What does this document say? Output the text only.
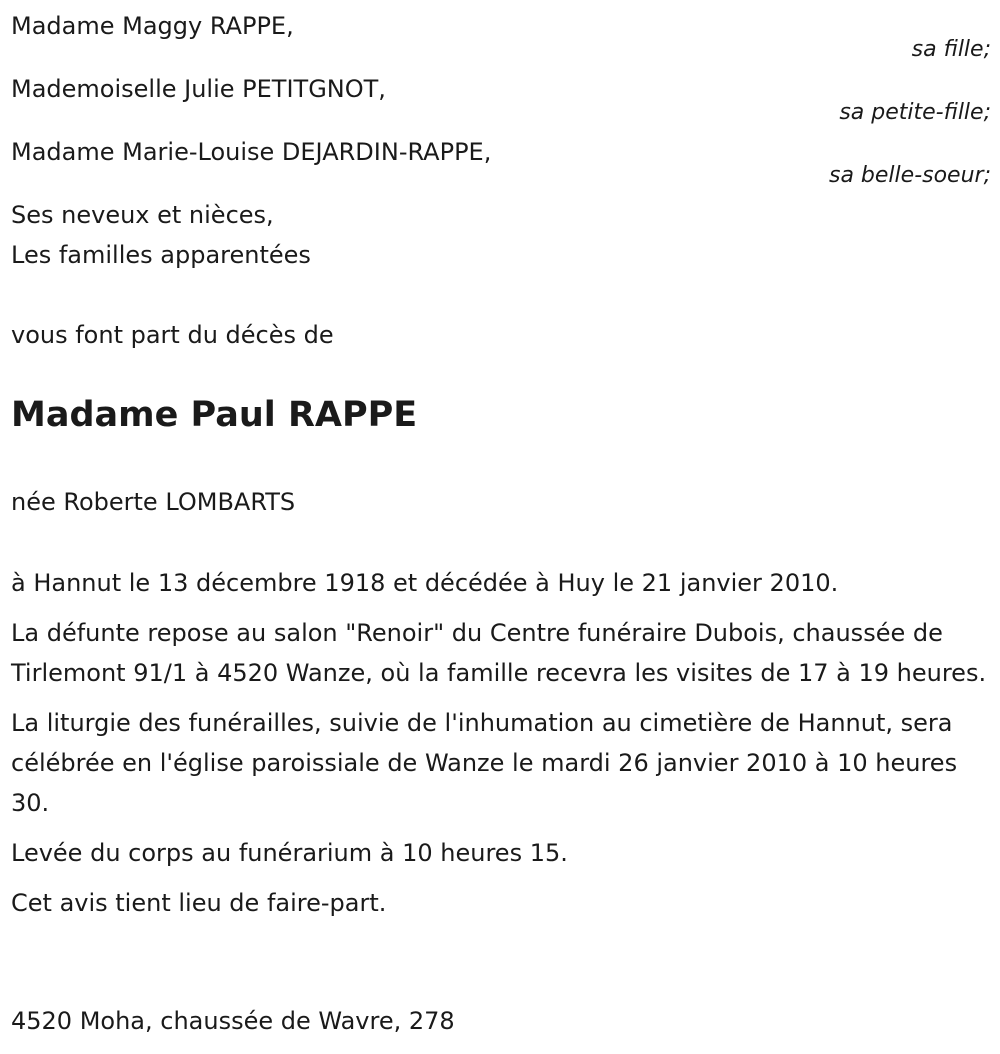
Madame Maggy RAPPE,
sa fille;
Mademoiselle Julie PETITGNOT,
sa petite-fille;
Madame Marie-Louise DEJARDIN-RAPPE,
sa belle-soeur;
Ses neveux et nièces,
Les familles apparentées
vous font part du décès de
Madame Paul RAPPE
née Roberte LOMBARTS

à Hannut le 13 décembre 1918 et décédée à Huy le 21 janvier 2010.

La défunte repose au salon "Renoir" du Centre funéraire Dubois, chaussée de Tirlemont 91/1 à 4520 Wanze, où la famille recevra les visites de 17 à 19 heures.

La liturgie des funérailles, suivie de l'inhumation au cimetière de Hannut, sera célébrée en l'église paroissiale de Wanze le mardi 26 janvier 2010 à 10 heures 30.

Levée du corps au funérarium à 10 heures 15.

Cet avis tient lieu de faire-part.

4520 Moha, chaussée de Wavre, 278
